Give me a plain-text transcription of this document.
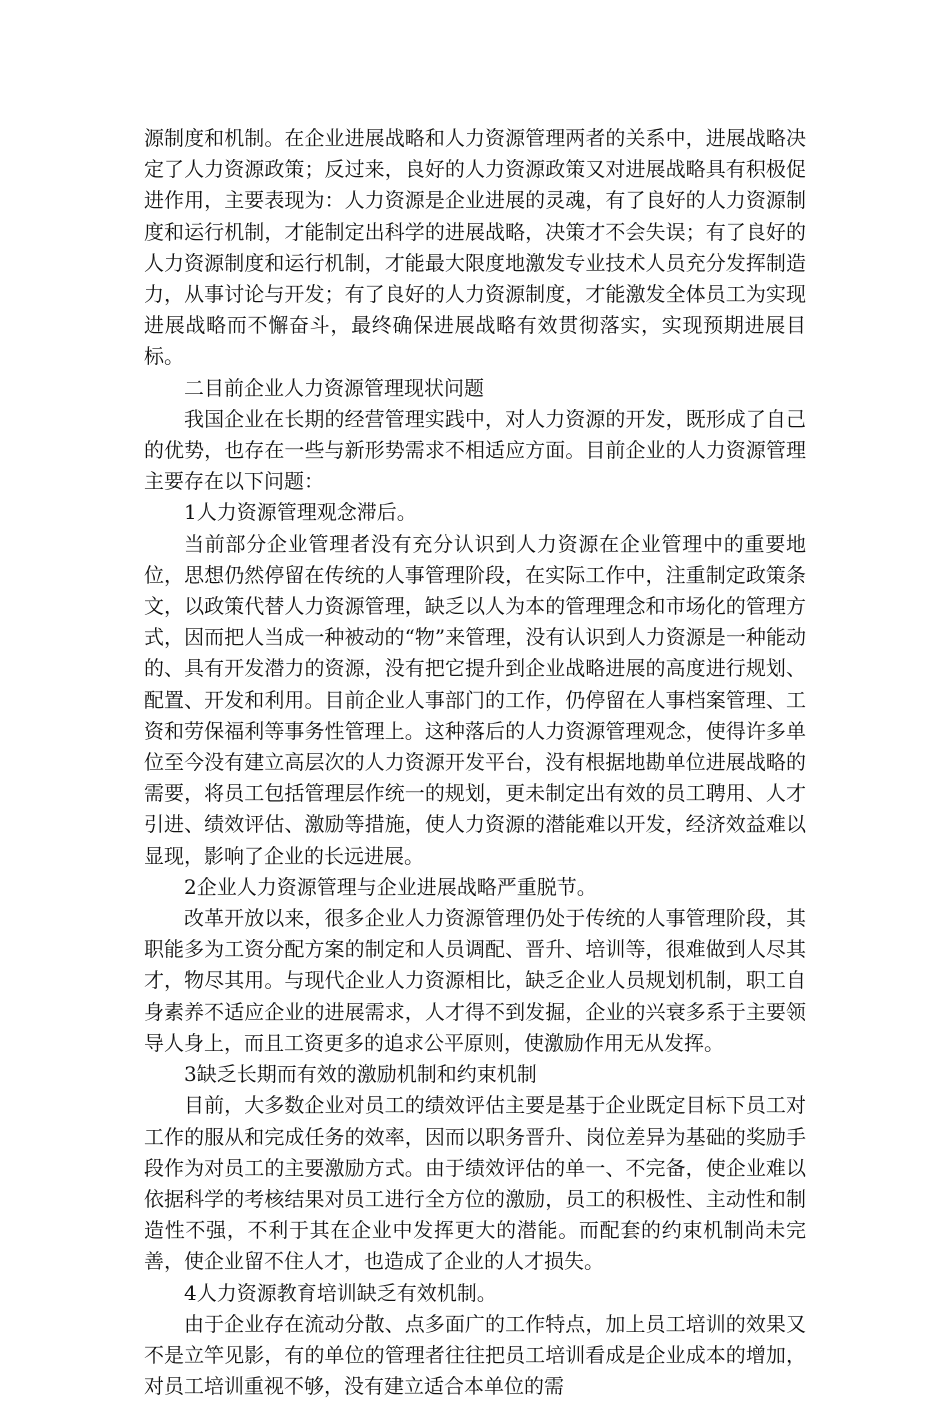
源制度和机制。在企业进展战略和人力资源管理两者的关系中，进展战略决定了人力资源政策；反过来，良好的人力资源政策又对进展战略具有积极促进作用，主要表现为：人力资源是企业进展的灵魂，有了良好的人力资源制度和运行机制，才能制定出科学的进展战略，决策才不会失误；有了良好的人力资源制度和运行机制，才能最大限度地激发专业技术人员充分发挥制造力，从事讨论与开发；有了良好的人力资源制度，才能激发全体员工为实现进展战略而不懈奋斗，最终确保进展战略有效贯彻落实，实现预期进展目标。

二目前企业人力资源管理现状问题

我国企业在长期的经营管理实践中，对人力资源的开发，既形成了自己的优势，也存在一些与新形势需求不相适应方面。目前企业的人力资源管理主要存在以下问题：

1人力资源管理观念滞后。

当前部分企业管理者没有充分认识到人力资源在企业管理中的重要地位，思想仍然停留在传统的人事管理阶段，在实际工作中，注重制定政策条文，以政策代替人力资源管理，缺乏以人为本的管理理念和市场化的管理方式，因而把人当成一种被动的“物”来管理，没有认识到人力资源是一种能动的、具有开发潜力的资源，没有把它提升到企业战略进展的高度进行规划、配置、开发和利用。目前企业人事部门的工作，仍停留在人事档案管理、工资和劳保福利等事务性管理上。这种落后的人力资源管理观念，使得许多单位至今没有建立高层次的人力资源开发平台，没有根据地勘单位进展战略的需要，将员工包括管理层作统一的规划，更未制定出有效的员工聘用、人才引进、绩效评估、激励等措施，使人力资源的潜能难以开发，经济效益难以显现，影响了企业的长远进展。

2企业人力资源管理与企业进展战略严重脱节。

改革开放以来，很多企业人力资源管理仍处于传统的人事管理阶段，其职能多为工资分配方案的制定和人员调配、晋升、培训等，很难做到人尽其才，物尽其用。与现代企业人力资源相比，缺乏企业人员规划机制，职工自身素养不适应企业的进展需求，人才得不到发掘，企业的兴衰多系于主要领导人身上，而且工资更多的追求公平原则，使激励作用无从发挥。

3缺乏长期而有效的激励机制和约束机制

目前，大多数企业对员工的绩效评估主要是基于企业既定目标下员工对工作的服从和完成任务的效率，因而以职务晋升、岗位差异为基础的奖励手段作为对员工的主要激励方式。由于绩效评估的单一、不完备，使企业难以依据科学的考核结果对员工进行全方位的激励，员工的积极性、主动性和制造性不强，不利于其在企业中发挥更大的潜能。而配套的约束机制尚未完善，使企业留不住人才，也造成了企业的人才损失。

4人力资源教育培训缺乏有效机制。

由于企业存在流动分散、点多面广的工作特点，加上员工培训的效果又不是立竿见影，有的单位的管理者往往把员工培训看成是企业成本的增加，对员工培训重视不够，没有建立适合本单位的需
